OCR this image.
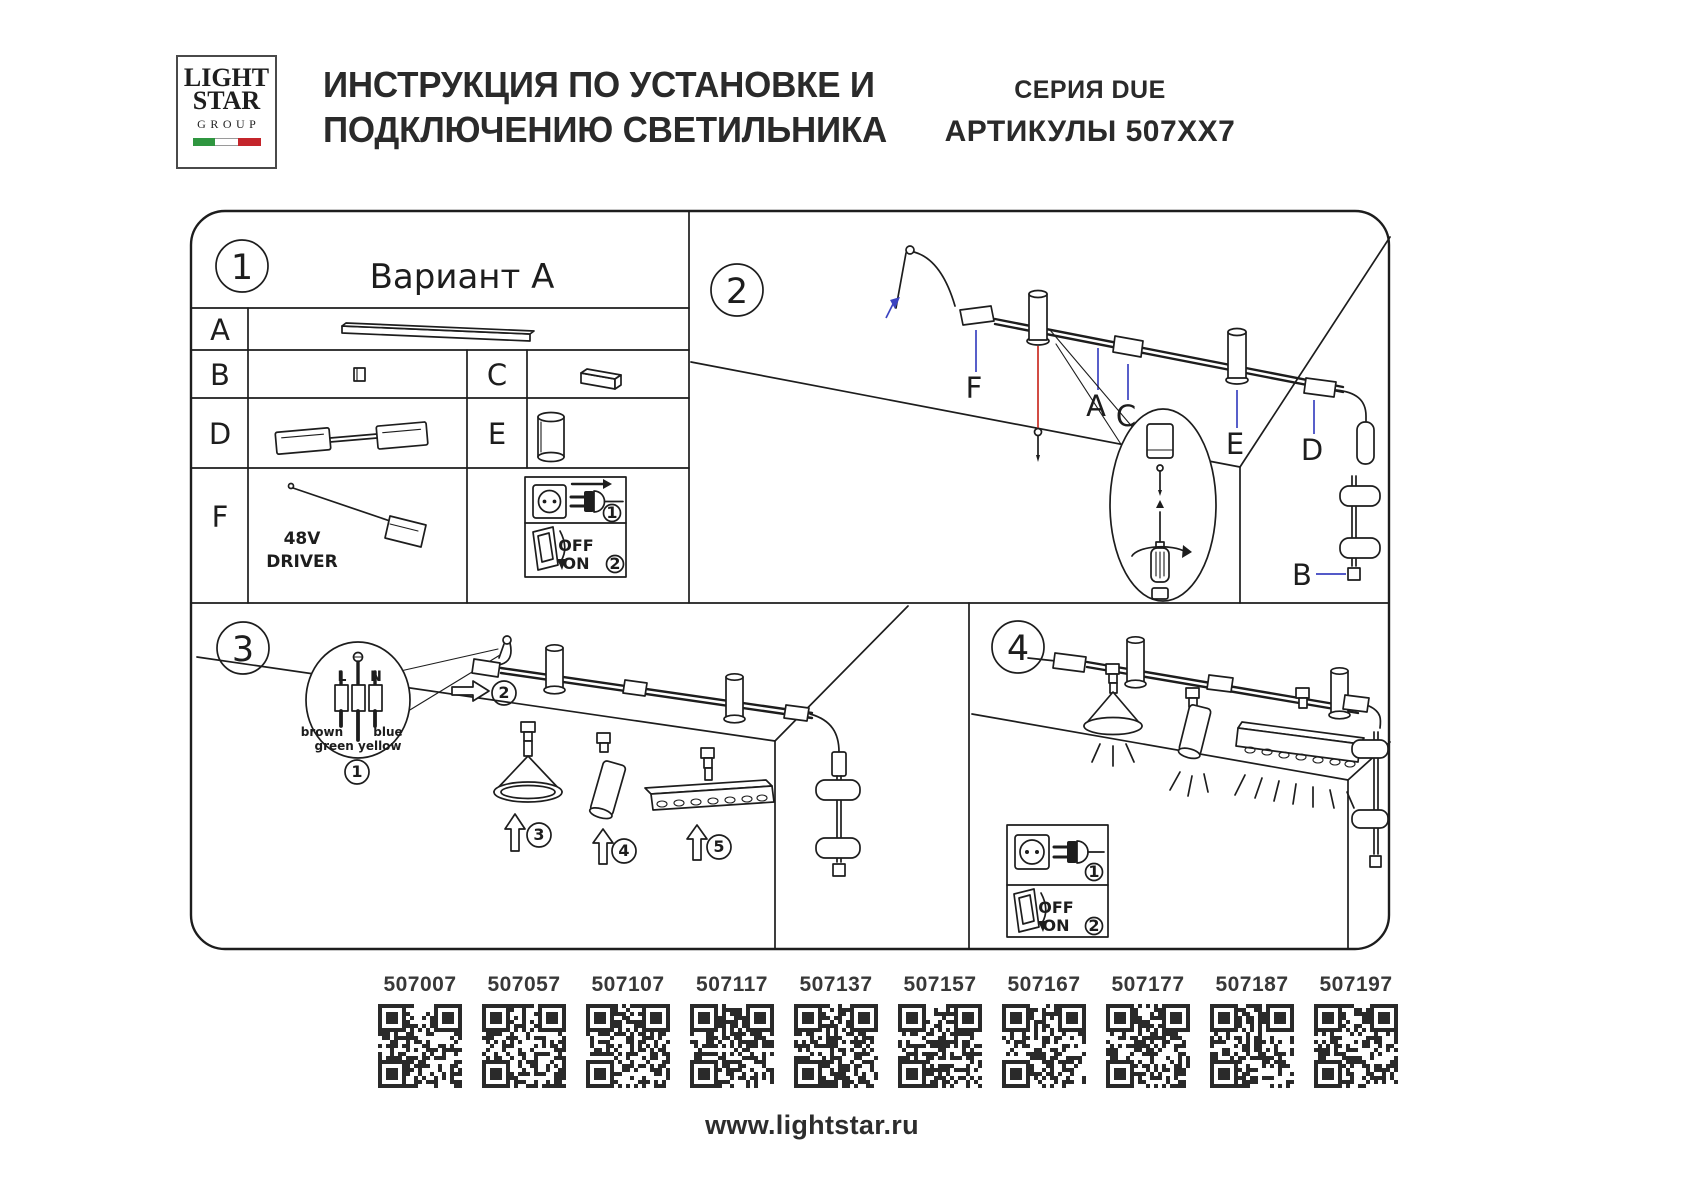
LIGHT
STAR
GROUP
ИНСТРУКЦИЯ ПО УСТАНОВКЕ И
ПОДКЛЮЧЕНИЮ СВЕТИЛЬНИКА
СЕРИЯ DUE
АРТИКУЛЫ 507XX7
1	Вариант А
A
B	C
D	E
F
48V
DRIVER
1
OFF
ON 2
2
F
A C
E D
B
3
L N
brown	blue
green yellow
1
2
3
4	5
4
1
OFF
ON 2
507007 507057 507107 507117 507137 507157 507167 507177 507187 507197
www.lightstar.ru
